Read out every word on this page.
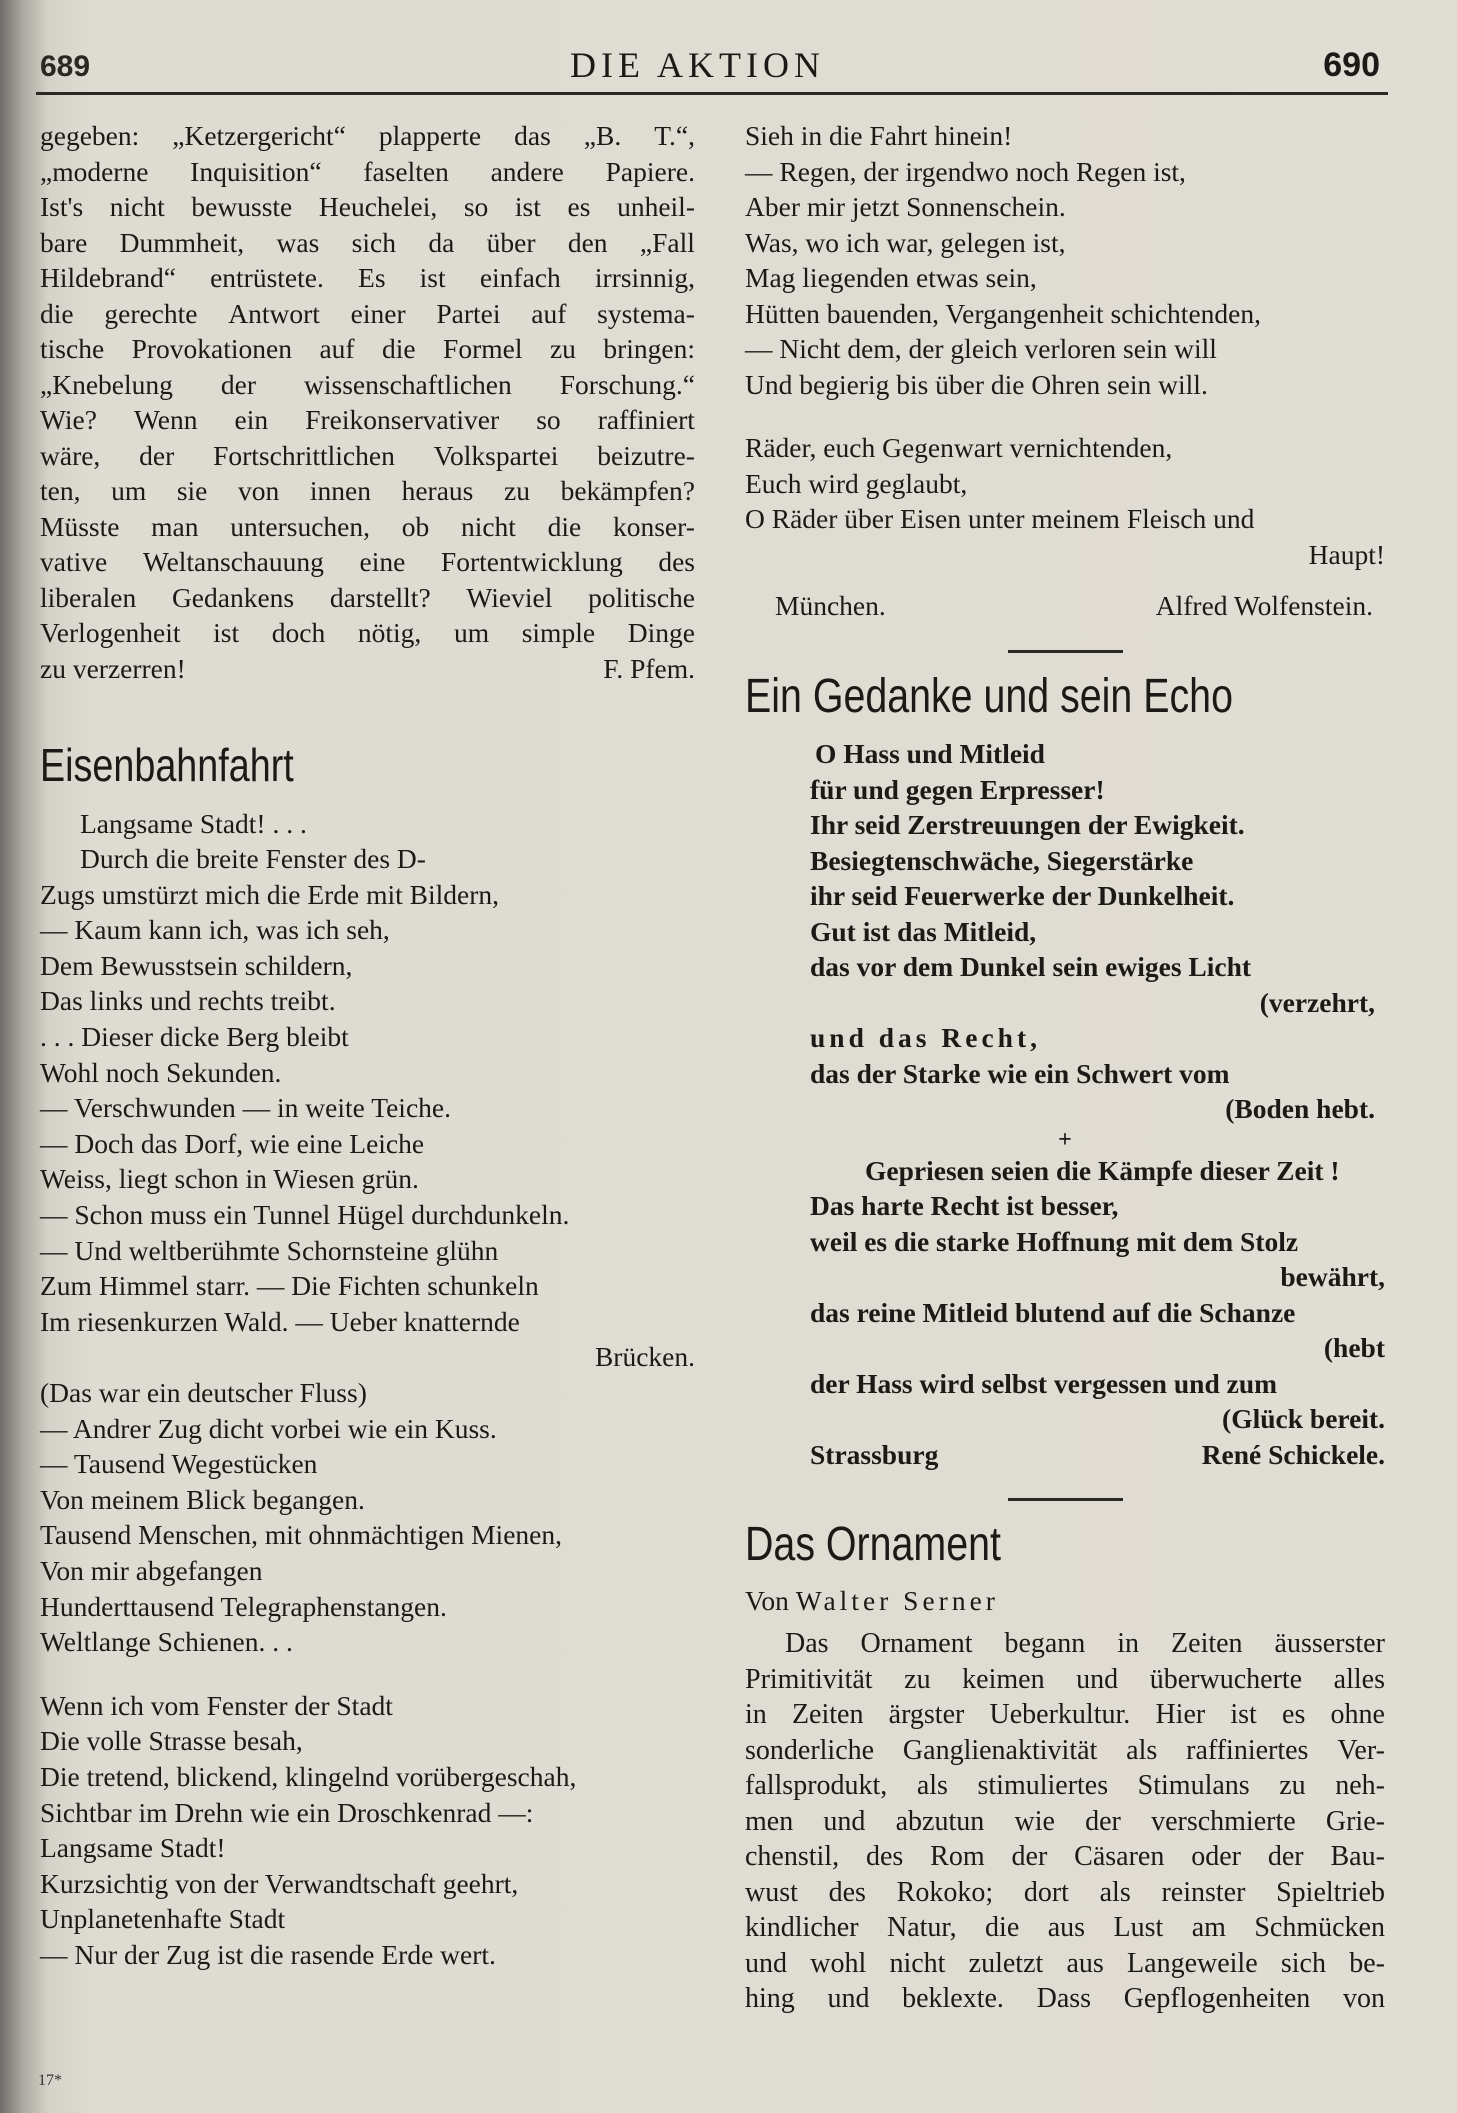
689	DIE AKTION	690
gegeben: „Ketzergericht“ plapperte das „B. T.“,
„moderne Inquisition“ faselten andere Papiere.
Ist's nicht bewusste Heuchelei, so ist es unheil-
bare Dummheit, was sich da über den „Fall
Hildebrand“ entrüstete. Es ist einfach irrsinnig,
die gerechte Antwort einer Partei auf systema-
tische Provokationen auf die Formel zu bringen:
„Knebelung der wissenschaftlichen Forschung.“
Wie? Wenn ein Freikonservativer so raffiniert
wäre, der Fortschrittlichen Volkspartei beizutre-
ten, um sie von innen heraus zu bekämpfen?
Müsste man untersuchen, ob nicht die konser-
vative Weltanschauung eine Fortentwicklung des
liberalen Gedankens darstellt? Wieviel politische
Verlogenheit ist doch nötig, um simple Dinge
zu verzerren!	F. Pfem.
Eisenbahnfahrt
Langsame Stadt! . . .
Durch die breite Fenster des D-
Zugs umstürzt mich die Erde mit Bildern,
— Kaum kann ich, was ich seh,
Dem Bewusstsein schildern,
Das links und rechts treibt.
. . . Dieser dicke Berg bleibt
Wohl noch Sekunden.
— Verschwunden — in weite Teiche.
— Doch das Dorf, wie eine Leiche
Weiss, liegt schon in Wiesen grün.
— Schon muss ein Tunnel Hügel durchdunkeln.
— Und weltberühmte Schornsteine glühn
Zum Himmel starr. — Die Fichten schunkeln
Im riesenkurzen Wald. — Ueber knatternde
Brücken.
(Das war ein deutscher Fluss)
— Andrer Zug dicht vorbei wie ein Kuss.
— Tausend Wegestücken
Von meinem Blick begangen.
Tausend Menschen, mit ohnmächtigen Mienen,
Von mir abgefangen
Hunderttausend Telegraphenstangen.
Weltlange Schienen. . .
Wenn ich vom Fenster der Stadt
Die volle Strasse besah,
Die tretend, blickend, klingelnd vorübergeschah,
Sichtbar im Drehn wie ein Droschkenrad —:
Langsame Stadt!
Kurzsichtig von der Verwandtschaft geehrt,
Unplanetenhafte Stadt
— Nur der Zug ist die rasende Erde wert.
Sieh in die Fahrt hinein!
— Regen, der irgendwo noch Regen ist,
Aber mir jetzt Sonnenschein.
Was, wo ich war, gelegen ist,
Mag liegenden etwas sein,
Hütten bauenden, Vergangenheit schichtenden,
— Nicht dem, der gleich verloren sein will
Und begierig bis über die Ohren sein will.
Räder, euch Gegenwart vernichtenden,
Euch wird geglaubt,
O Räder über Eisen unter meinem Fleisch und
Haupt!
München.	Alfred Wolfenstein.
Ein Gedanke und sein Echo
O Hass und Mitleid
für und gegen Erpresser!
Ihr seid Zerstreuungen der Ewigkeit.
Besiegtenschwäche, Siegerstärke
ihr seid Feuerwerke der Dunkelheit.
Gut ist das Mitleid,
das vor dem Dunkel sein ewiges Licht
(verzehrt,
und das Recht,
das der Starke wie ein Schwert vom
(Boden hebt.
+
Gepriesen seien die Kämpfe dieser Zeit !
Das harte Recht ist besser,
weil es die starke Hoffnung mit dem Stolz
bewährt,
das reine Mitleid blutend auf die Schanze
(hebt
der Hass wird selbst vergessen und zum
(Glück bereit.
Strassburg	René Schickele.
Das Ornament
Von Walter Serner
Das Ornament begann in Zeiten äusserster
Primitivität zu keimen und überwucherte alles
in Zeiten ärgster Ueberkultur. Hier ist es ohne
sonderliche Ganglienaktivität als raffiniertes Ver-
fallsprodukt, als stimuliertes Stimulans zu neh-
men und abzutun wie der verschmierte Grie-
chenstil, des Rom der Cäsaren oder der Bau-
wust des Rokoko; dort als reinster Spieltrieb
kindlicher Natur, die aus Lust am Schmücken
und wohl nicht zuletzt aus Langeweile sich be-
hing und beklexte. Dass Gepflogenheiten von
17*
